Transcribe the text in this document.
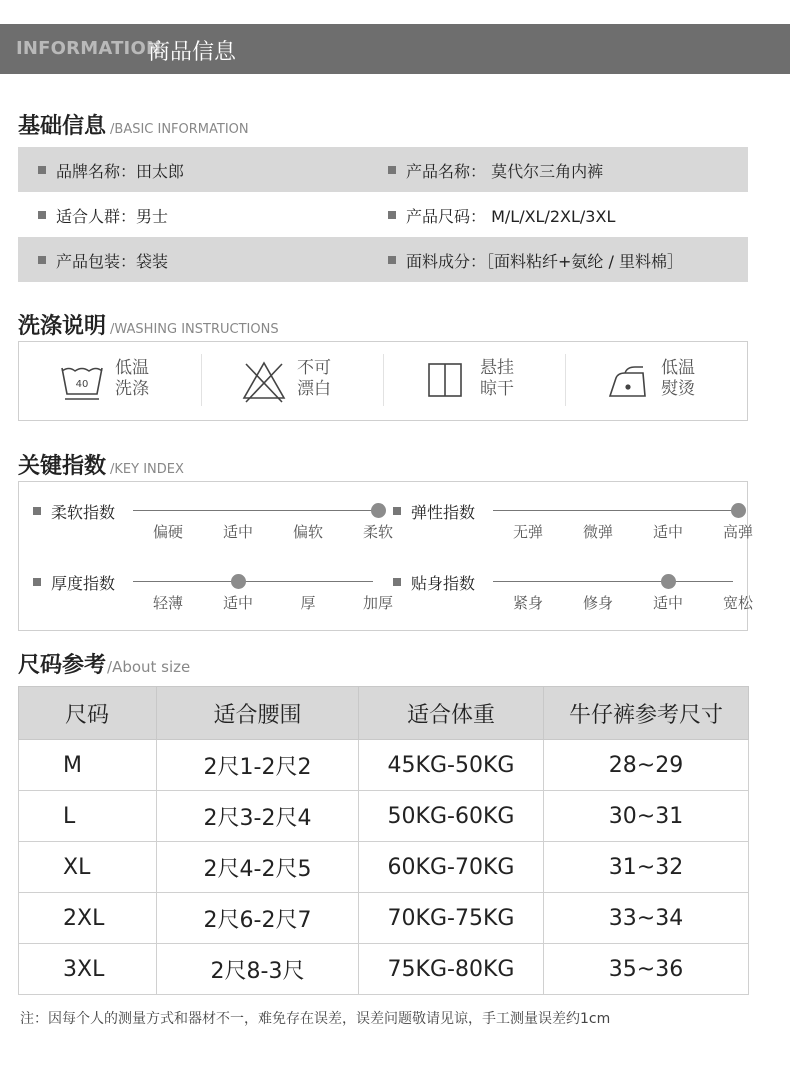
INFORMATION
商品信息
基础信息 /BASIC INFORMATION
品牌名称：田太郎	产品名称： 莫代尔三角内裤
适合人群：男士	产品尺码： M/L/XL/2XL/3XL
产品包装：袋装	面料成分：［面料粘纤+氨纶 / 里料棉］
洗涤说明 /WASHING INSTRUCTIONS
40
低温
洗涤
不可
漂白
悬挂
晾干
低温
熨烫
关键指数 /KEY INDEX
柔软指数
偏硬	适中	偏软	柔软
弹性指数
无弹	微弹	适中	高弹
厚度指数
轻薄	适中	厚	加厚
贴身指数
紧身	修身	适中	宽松
尺码参考/About size
尺码	适合腰围	适合体重	牛仔裤参考尺寸
M	2尺1-2尺2	45KG-50KG	28~29
L	2尺3-2尺4	50KG-60KG	30~31
XL	2尺4-2尺5	60KG-70KG	31~32
2XL	2尺6-2尺7	70KG-75KG	33~34
3XL	2尺8-3尺	75KG-80KG	35~36
注：因每个人的测量方式和器材不一，难免存在误差，误差问题敬请见谅，手工测量误差约1cm
